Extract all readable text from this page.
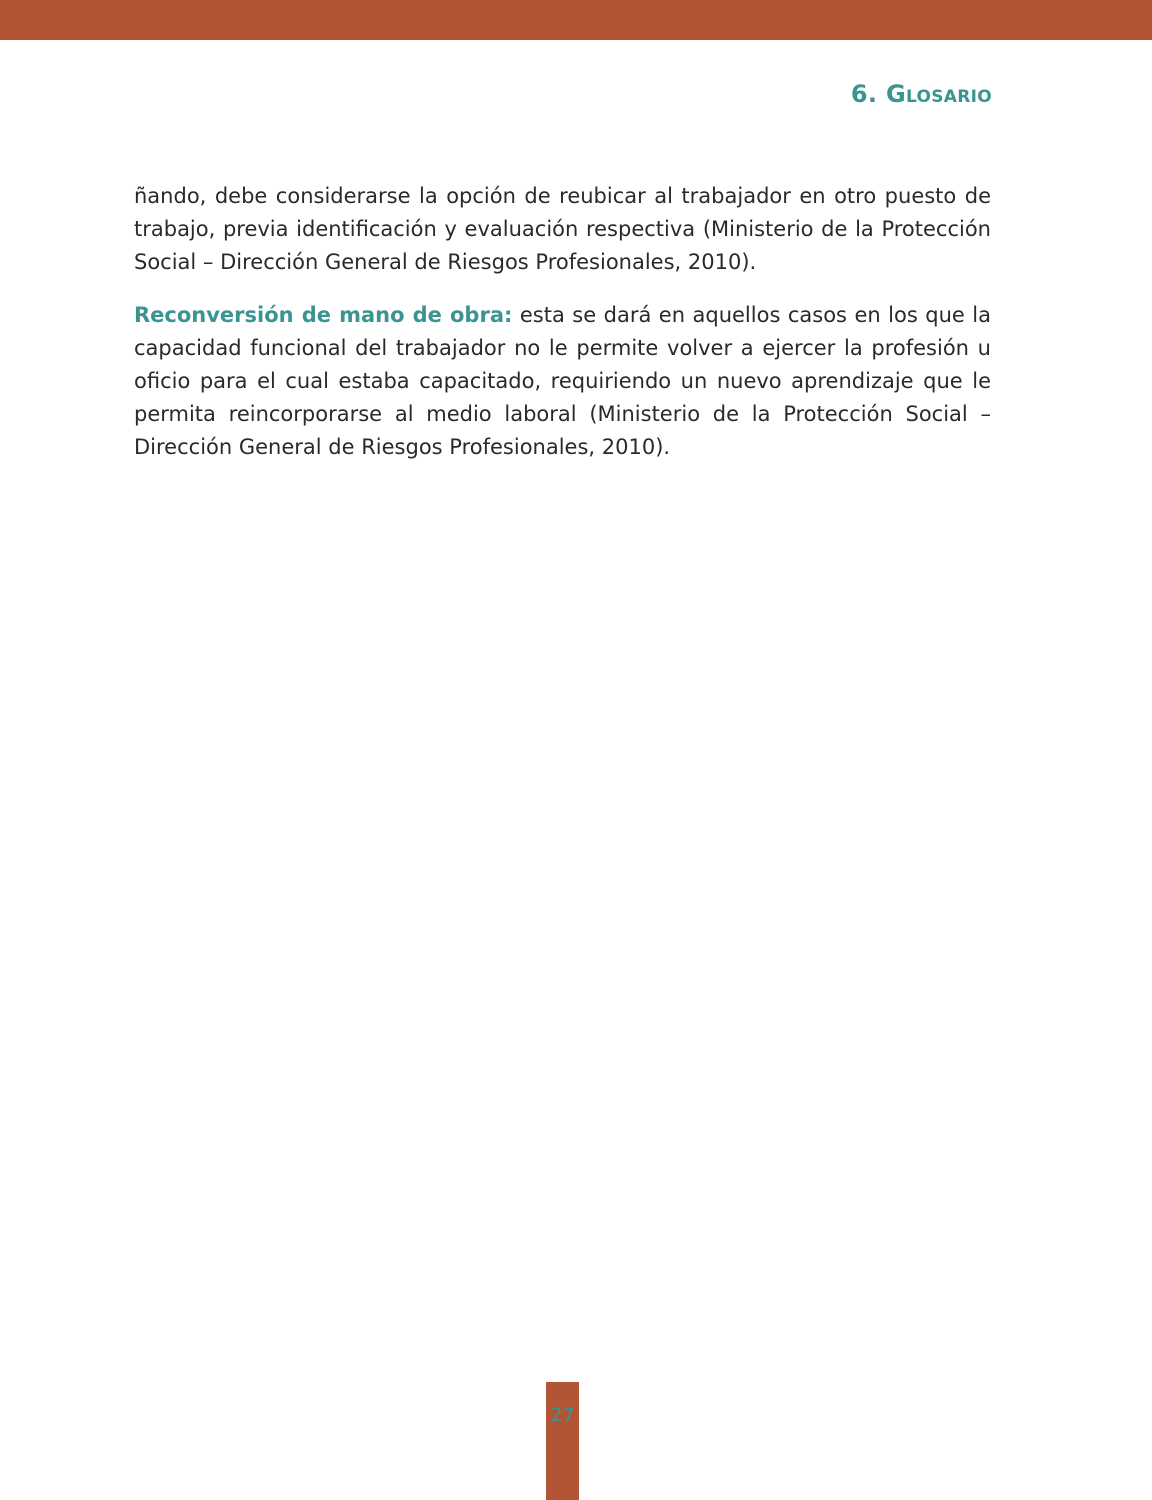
6. Glosario

ñando, debe considerarse la opción de reubicar al trabajador en otro puesto de trabajo, previa identificación y evaluación respectiva (Ministerio de la Protección Social – Dirección General de Riesgos Profesionales, 2010).

Reconversión de mano de obra: esta se dará en aquellos casos en los que la capacidad funcional del trabajador no le permite volver a ejercer la profesión u oficio para el cual estaba capacitado, requiriendo un nuevo aprendizaje que le permita reincorporarse al medio laboral (Ministerio de la Protección Social – Dirección General de Riesgos Profesionales, 2010).

27
